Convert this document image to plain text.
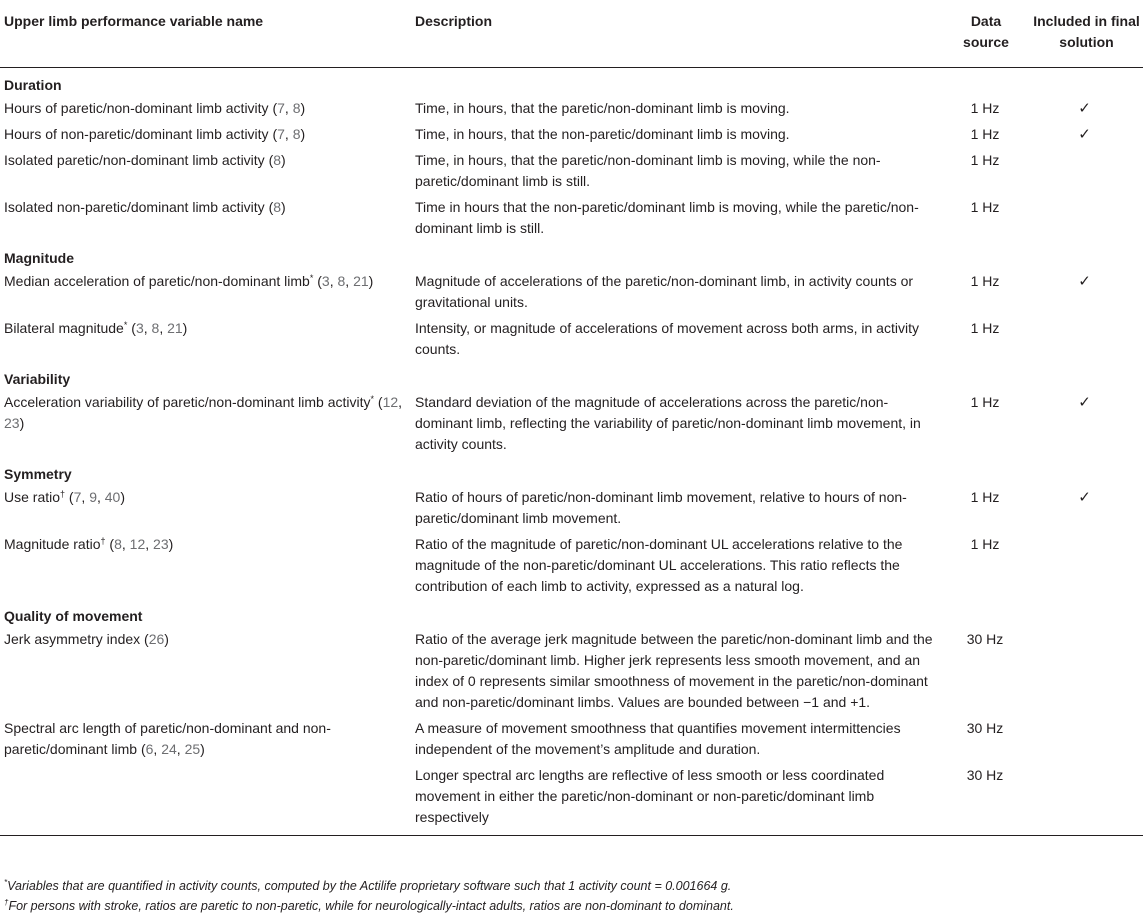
Upper limb performance variable name	Description	Data source	Included in final solution
Duration			
Hours of paretic/non-dominant limb activity (7, 8)	Time, in hours, that the paretic/non-dominant limb is moving.	1 Hz	✓
Hours of non-paretic/dominant limb activity (7, 8)	Time, in hours, that the non-paretic/dominant limb is moving.	1 Hz	✓
Isolated paretic/non-dominant limb activity (8)	Time, in hours, that the paretic/non-dominant limb is moving, while the non-paretic/dominant limb is still.	1 Hz	
Isolated non-paretic/dominant limb activity (8)	Time in hours that the non-paretic/dominant limb is moving, while the paretic/non-dominant limb is still.	1 Hz	
Magnitude			
Median acceleration of paretic/non-dominant limb* (3, 8, 21)	Magnitude of accelerations of the paretic/non-dominant limb, in activity counts or gravitational units.	1 Hz	✓
Bilateral magnitude* (3, 8, 21)	Intensity, or magnitude of accelerations of movement across both arms, in activity counts.	1 Hz	
Variability			
Acceleration variability of paretic/non-dominant limb activity* (12, 23)	Standard deviation of the magnitude of accelerations across the paretic/non-dominant limb, reflecting the variability of paretic/non-dominant limb movement, in activity counts.	1 Hz	✓
Symmetry			
Use ratio† (7, 9, 40)	Ratio of hours of paretic/non-dominant limb movement, relative to hours of non-paretic/dominant limb movement.	1 Hz	✓
Magnitude ratio† (8, 12, 23)	Ratio of the magnitude of paretic/non-dominant UL accelerations relative to the magnitude of the non-paretic/dominant UL accelerations. This ratio reflects the contribution of each limb to activity, expressed as a natural log.	1 Hz	
Quality of movement			
Jerk asymmetry index (26)	Ratio of the average jerk magnitude between the paretic/non-dominant limb and the non-paretic/dominant limb. Higher jerk represents less smooth movement, and an index of 0 represents similar smoothness of movement in the paretic/non-dominant and non-paretic/dominant limbs. Values are bounded between −1 and +1.	30 Hz	
Spectral arc length of paretic/non-dominant and non-paretic/dominant limb (6, 24, 25)	A measure of movement smoothness that quantifies movement intermittencies independent of the movement’s amplitude and duration.	30 Hz	
	Longer spectral arc lengths are reflective of less smooth or less coordinated movement in either the paretic/non-dominant or non-paretic/dominant limb respectively	30 Hz	
*Variables that are quantified in activity counts, computed by the Actilife proprietary software such that 1 activity count = 0.001664 g.
†For persons with stroke, ratios are paretic to non-paretic, while for neurologically-intact adults, ratios are non-dominant to dominant.
